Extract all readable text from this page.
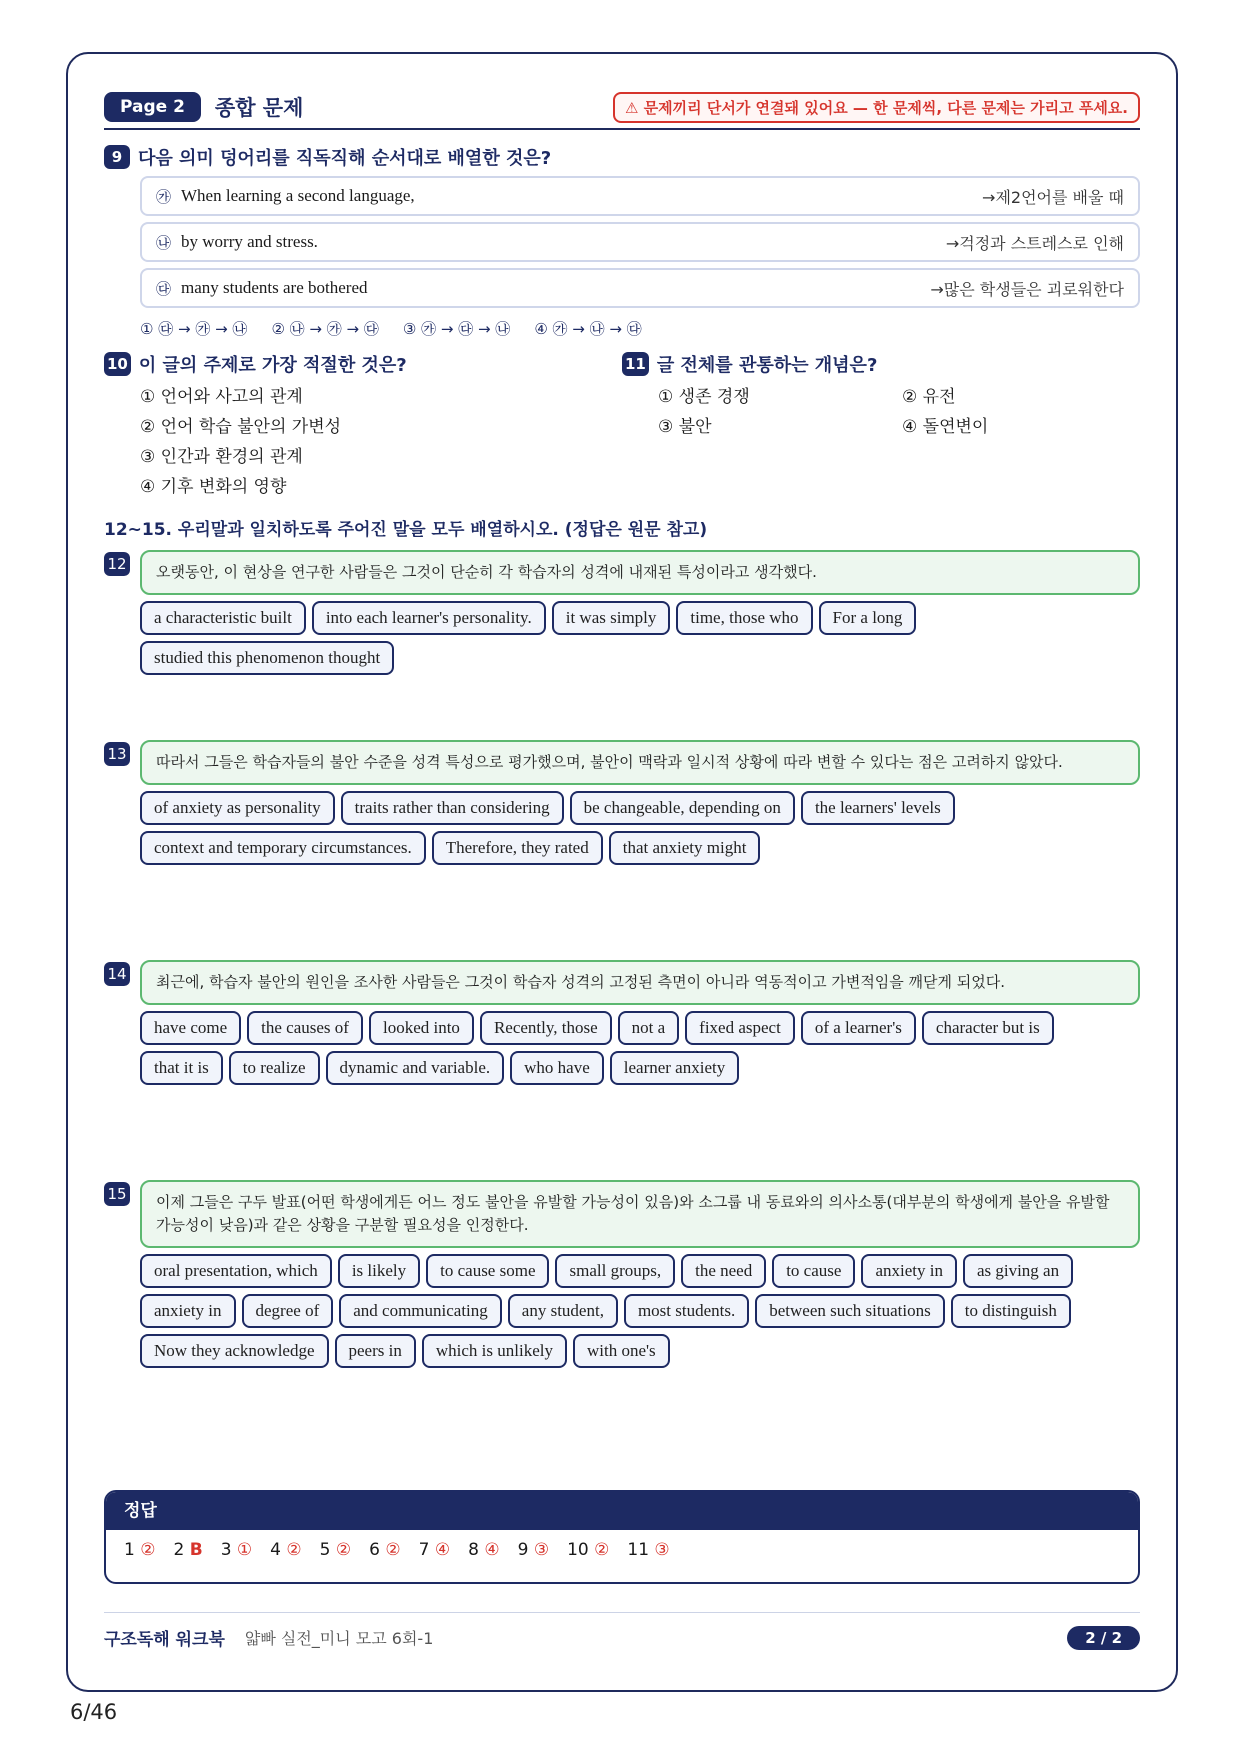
Page 2	종합 문제	⚠ 문제끼리 단서가 연결돼 있어요 — 한 문제씩, 다른 문제는 가리고 푸세요.
9 다음 의미 덩어리를 직독직해 순서대로 배열한 것은?
㉮ When learning a second language,	→제2언어를 배울 때
㉯ by worry and stress.	→걱정과 스트레스로 인해
㉰ many students are bothered	→많은 학생들은 괴로워한다
① ㉰ → ㉮ → ㉯ ② ㉯ → ㉮ → ㉰ ③ ㉮ → ㉰ → ㉯ ④ ㉮ → ㉯ → ㉰
10 이 글의 주제로 가장 적절한 것은?
① 언어와 사고의 관계
② 언어 학습 불안의 가변성
③ 인간과 환경의 관계
④ 기후 변화의 영향
11 글 전체를 관통하는 개념은?
① 생존 경쟁	② 유전
③ 불안	④ 돌연변이
12~15. 우리말과 일치하도록 주어진 말을 모두 배열하시오. (정답은 원문 참고)
12	오랫동안, 이 현상을 연구한 사람들은 그것이 단순히 각 학습자의 성격에 내재된 특성이라고 생각했다.
a characteristic built	into each learner's personality.	it was simply	time, those who	For a long
studied this phenomenon thought
13	따라서 그들은 학습자들의 불안 수준을 성격 특성으로 평가했으며, 불안이 맥락과 일시적 상황에 따라 변할 수 있다는 점은 고려하지 않았다.
of anxiety as personality	traits rather than considering	be changeable, depending on	the learners' levels
context and temporary circumstances.	Therefore, they rated	that anxiety might
14	최근에, 학습자 불안의 원인을 조사한 사람들은 그것이 학습자 성격의 고정된 측면이 아니라 역동적이고 가변적임을 깨닫게 되었다.
have come	the causes of	looked into	Recently, those	not a	fixed aspect	of a learner's	character but is
that it is	to realize	dynamic and variable.	who have	learner anxiety
15	이제 그들은 구두 발표(어떤 학생에게든 어느 정도 불안을 유발할 가능성이 있음)와 소그룹 내 동료와의 의사소통(대부분의 학생에게 불안을 유발할 가능성이 낮음)과 같은 상황을 구분할 필요성을 인정한다.
oral presentation, which	is likely	to cause some	small groups,	the need	to cause	anxiety in	as giving an
anxiety in	degree of	and communicating	any student,	most students.	between such situations	to distinguish
Now they acknowledge	peers in	which is unlikely	with one's
정답
1 ② 2 B 3 ① 4 ② 5 ② 6 ② 7 ④ 8 ④ 9 ③ 10 ② 11 ③
구조독해 워크북 얇빠 실전_미니 모고 6회-1	2 / 2
6/46
